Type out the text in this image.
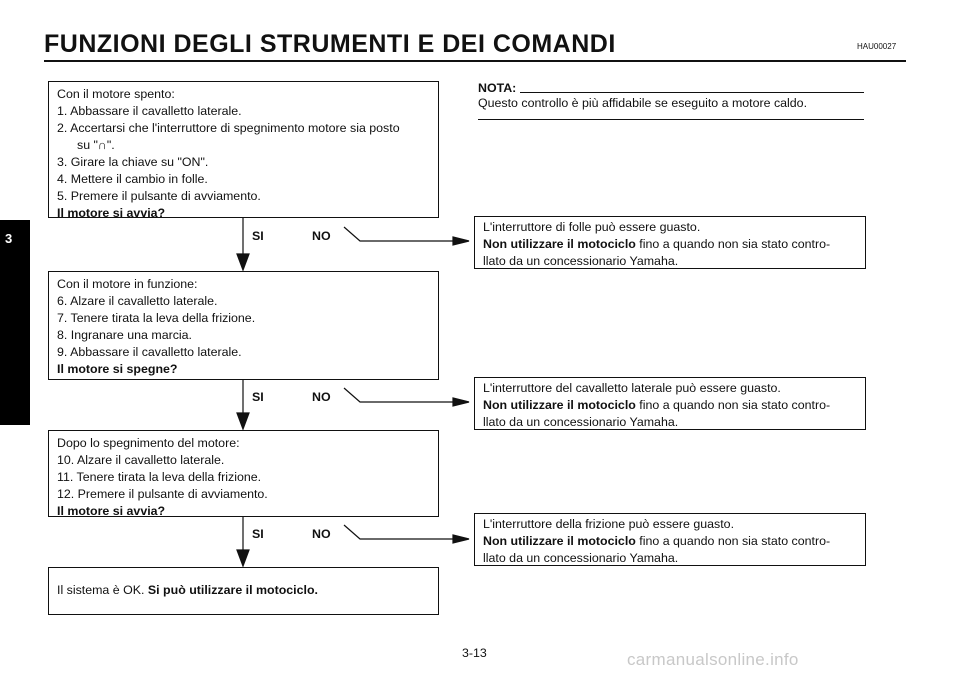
FUNZIONI DEGLI STRUMENTI E DEI COMANDI	HAU00027
3
NOTA:
Questo controllo è più affidabile se eseguito a motore caldo.
Con il motore spento:
1. Abbassare il cavalletto laterale.
2. Accertarsi che l'interruttore di spegnimento motore sia posto
su "∩".
3. Girare la chiave su "ON".
4. Mettere il cambio in folle.
5. Premere il pulsante di avviamento.
Il motore si avvia?
Con il motore in funzione:
6. Alzare il cavalletto laterale.
7. Tenere tirata la leva della frizione.
8. Ingranare una marcia.
9. Abbassare il cavalletto laterale.
Il motore si spegne?
Dopo lo spegnimento del motore:
10. Alzare il cavalletto laterale.
11. Tenere tirata la leva della frizione.
12. Premere il pulsante di avviamento.
Il motore si avvia?
Il sistema è OK. Si può utilizzare il motociclo.
L'interruttore di folle può essere guasto.
Non utilizzare il motociclo fino a quando non sia stato contro-
llato da un concessionario Yamaha.
L'interruttore del cavalletto laterale può essere guasto.
Non utilizzare il motociclo fino a quando non sia stato contro-
llato da un concessionario Yamaha.
L'interruttore della frizione può essere guasto.
Non utilizzare il motociclo fino a quando non sia stato contro-
llato da un concessionario Yamaha.
SI	NO
SI	NO
SI	NO
3-13	carmanualsonline.info
